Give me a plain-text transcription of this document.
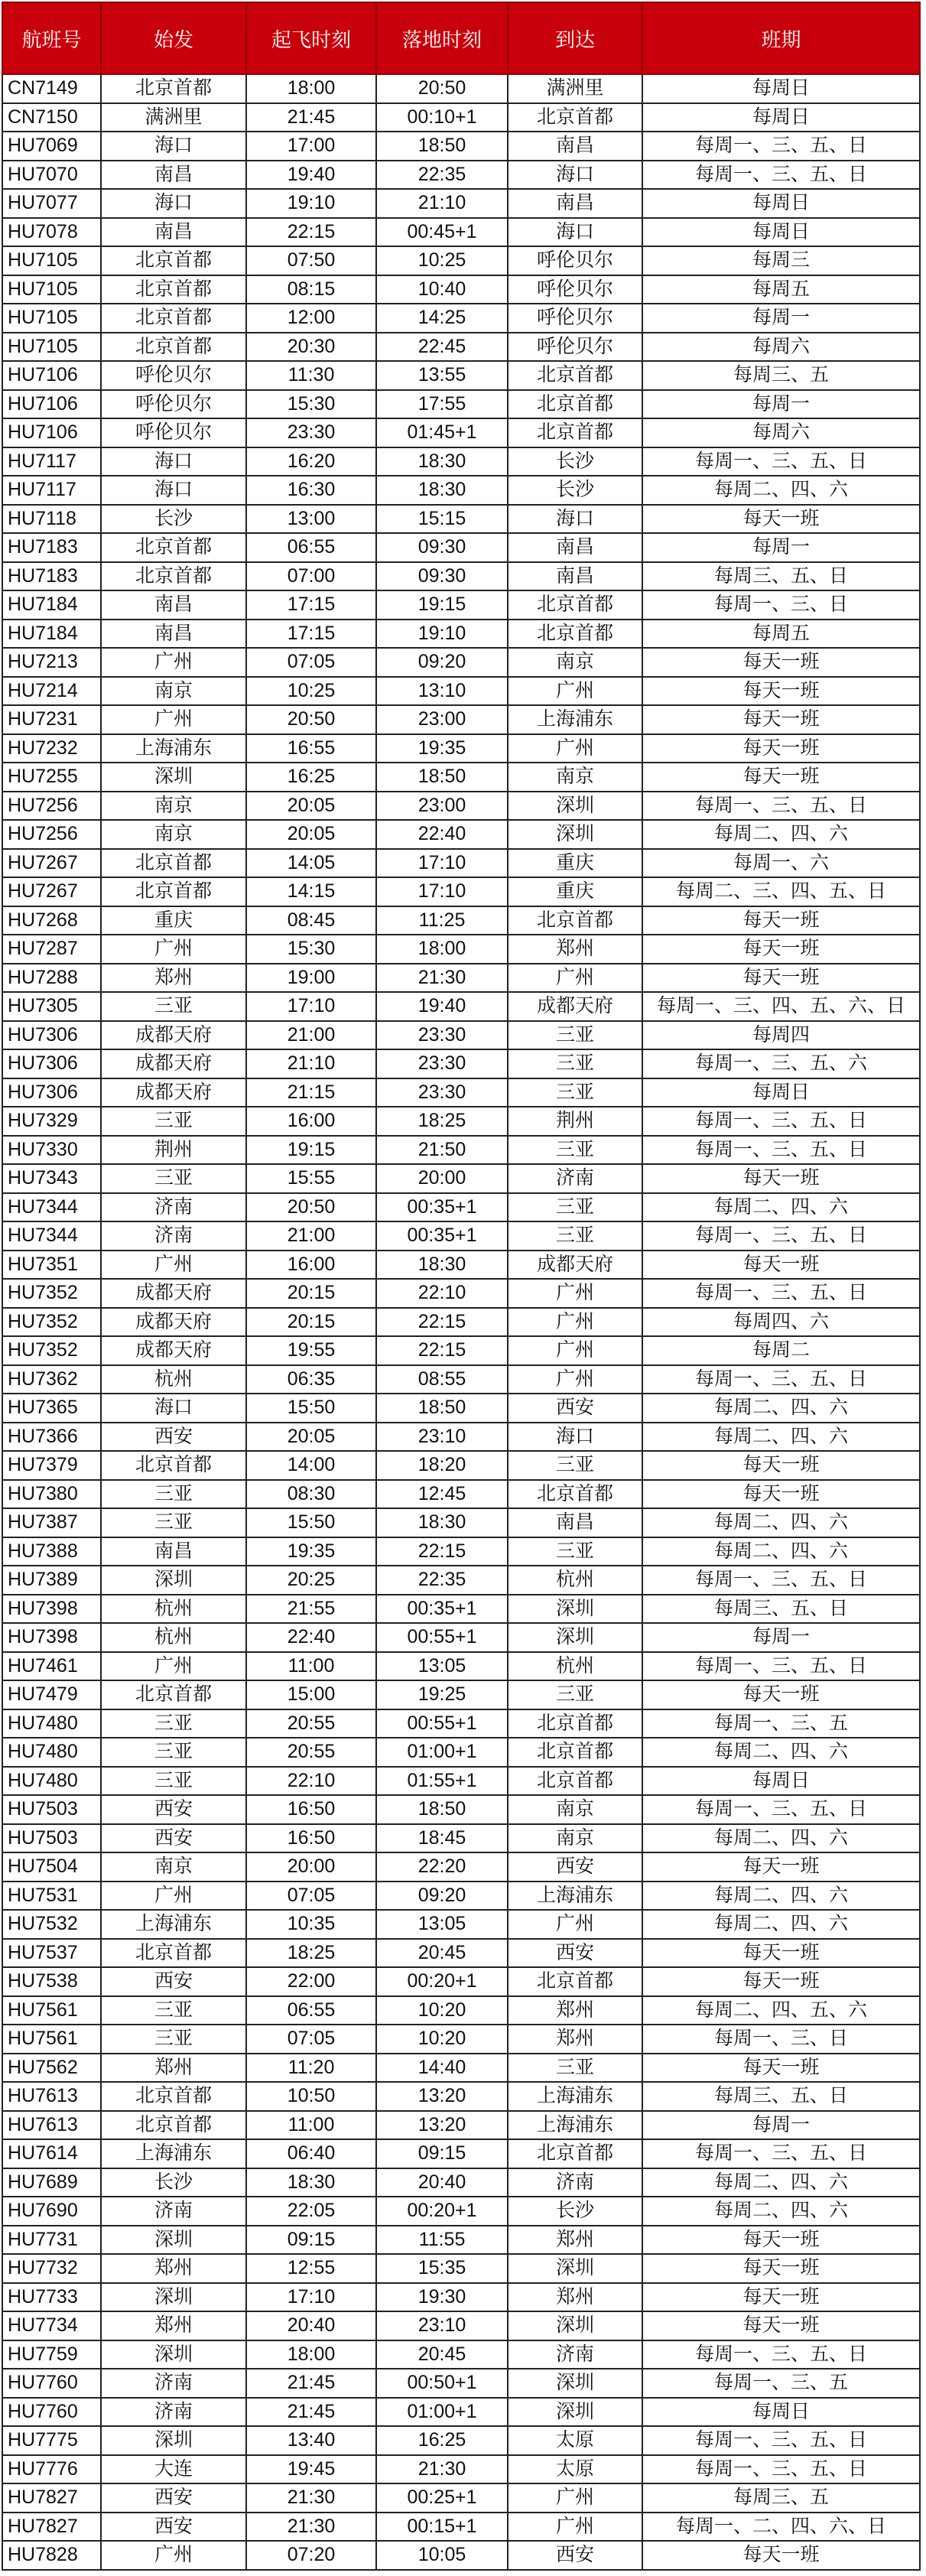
航班号	始发	起飞时刻	落地时刻	到达	班期
CN7149	北京首都	18:00	20:50	满洲里	每周日
CN7150	满洲里	21:45	00:10+1	北京首都	每周日
HU7069	海口	17:00	18:50	南昌	每周一、三、五、日
HU7070	南昌	19:40	22:35	海口	每周一、三、五、日
HU7077	海口	19:10	21:10	南昌	每周日
HU7078	南昌	22:15	00:45+1	海口	每周日
HU7105	北京首都	07:50	10:25	呼伦贝尔	每周三
HU7105	北京首都	08:15	10:40	呼伦贝尔	每周五
HU7105	北京首都	12:00	14:25	呼伦贝尔	每周一
HU7105	北京首都	20:30	22:45	呼伦贝尔	每周六
HU7106	呼伦贝尔	11:30	13:55	北京首都	每周三、五
HU7106	呼伦贝尔	15:30	17:55	北京首都	每周一
HU7106	呼伦贝尔	23:30	01:45+1	北京首都	每周六
HU7117	海口	16:20	18:30	长沙	每周一、三、五、日
HU7117	海口	16:30	18:30	长沙	每周二、四、六
HU7118	长沙	13:00	15:15	海口	每天一班
HU7183	北京首都	06:55	09:30	南昌	每周一
HU7183	北京首都	07:00	09:30	南昌	每周三、五、日
HU7184	南昌	17:15	19:15	北京首都	每周一、三、日
HU7184	南昌	17:15	19:10	北京首都	每周五
HU7213	广州	07:05	09:20	南京	每天一班
HU7214	南京	10:25	13:10	广州	每天一班
HU7231	广州	20:50	23:00	上海浦东	每天一班
HU7232	上海浦东	16:55	19:35	广州	每天一班
HU7255	深圳	16:25	18:50	南京	每天一班
HU7256	南京	20:05	23:00	深圳	每周一、三、五、日
HU7256	南京	20:05	22:40	深圳	每周二、四、六
HU7267	北京首都	14:05	17:10	重庆	每周一、六
HU7267	北京首都	14:15	17:10	重庆	每周二、三、四、五、日
HU7268	重庆	08:45	11:25	北京首都	每天一班
HU7287	广州	15:30	18:00	郑州	每天一班
HU7288	郑州	19:00	21:30	广州	每天一班
HU7305	三亚	17:10	19:40	成都天府	每周一、三、四、五、六、日
HU7306	成都天府	21:00	23:30	三亚	每周四
HU7306	成都天府	21:10	23:30	三亚	每周一、三、五、六
HU7306	成都天府	21:15	23:30	三亚	每周日
HU7329	三亚	16:00	18:25	荆州	每周一、三、五、日
HU7330	荆州	19:15	21:50	三亚	每周一、三、五、日
HU7343	三亚	15:55	20:00	济南	每天一班
HU7344	济南	20:50	00:35+1	三亚	每周二、四、六
HU7344	济南	21:00	00:35+1	三亚	每周一、三、五、日
HU7351	广州	16:00	18:30	成都天府	每天一班
HU7352	成都天府	20:15	22:10	广州	每周一、三、五、日
HU7352	成都天府	20:15	22:15	广州	每周四、六
HU7352	成都天府	19:55	22:15	广州	每周二
HU7362	杭州	06:35	08:55	广州	每周一、三、五、日
HU7365	海口	15:50	18:50	西安	每周二、四、六
HU7366	西安	20:05	23:10	海口	每周二、四、六
HU7379	北京首都	14:00	18:20	三亚	每天一班
HU7380	三亚	08:30	12:45	北京首都	每天一班
HU7387	三亚	15:50	18:30	南昌	每周二、四、六
HU7388	南昌	19:35	22:15	三亚	每周二、四、六
HU7389	深圳	20:25	22:35	杭州	每周一、三、五、日
HU7398	杭州	21:55	00:35+1	深圳	每周三、五、日
HU7398	杭州	22:40	00:55+1	深圳	每周一
HU7461	广州	11:00	13:05	杭州	每周一、三、五、日
HU7479	北京首都	15:00	19:25	三亚	每天一班
HU7480	三亚	20:55	00:55+1	北京首都	每周一、三、五
HU7480	三亚	20:55	01:00+1	北京首都	每周二、四、六
HU7480	三亚	22:10	01:55+1	北京首都	每周日
HU7503	西安	16:50	18:50	南京	每周一、三、五、日
HU7503	西安	16:50	18:45	南京	每周二、四、六
HU7504	南京	20:00	22:20	西安	每天一班
HU7531	广州	07:05	09:20	上海浦东	每周二、四、六
HU7532	上海浦东	10:35	13:05	广州	每周二、四、六
HU7537	北京首都	18:25	20:45	西安	每天一班
HU7538	西安	22:00	00:20+1	北京首都	每天一班
HU7561	三亚	06:55	10:20	郑州	每周二、四、五、六
HU7561	三亚	07:05	10:20	郑州	每周一、三、日
HU7562	郑州	11:20	14:40	三亚	每天一班
HU7613	北京首都	10:50	13:20	上海浦东	每周三、五、日
HU7613	北京首都	11:00	13:20	上海浦东	每周一
HU7614	上海浦东	06:40	09:15	北京首都	每周一、三、五、日
HU7689	长沙	18:30	20:40	济南	每周二、四、六
HU7690	济南	22:05	00:20+1	长沙	每周二、四、六
HU7731	深圳	09:15	11:55	郑州	每天一班
HU7732	郑州	12:55	15:35	深圳	每天一班
HU7733	深圳	17:10	19:30	郑州	每天一班
HU7734	郑州	20:40	23:10	深圳	每天一班
HU7759	深圳	18:00	20:45	济南	每周一、三、五、日
HU7760	济南	21:45	00:50+1	深圳	每周一、三、五
HU7760	济南	21:45	01:00+1	深圳	每周日
HU7775	深圳	13:40	16:25	太原	每周一、三、五、日
HU7776	大连	19:45	21:30	太原	每周一、三、五、日
HU7827	西安	21:30	00:25+1	广州	每周三、五
HU7827	西安	21:30	00:15+1	广州	每周一、二、四、六、日
HU7828	广州	07:20	10:05	西安	每天一班
